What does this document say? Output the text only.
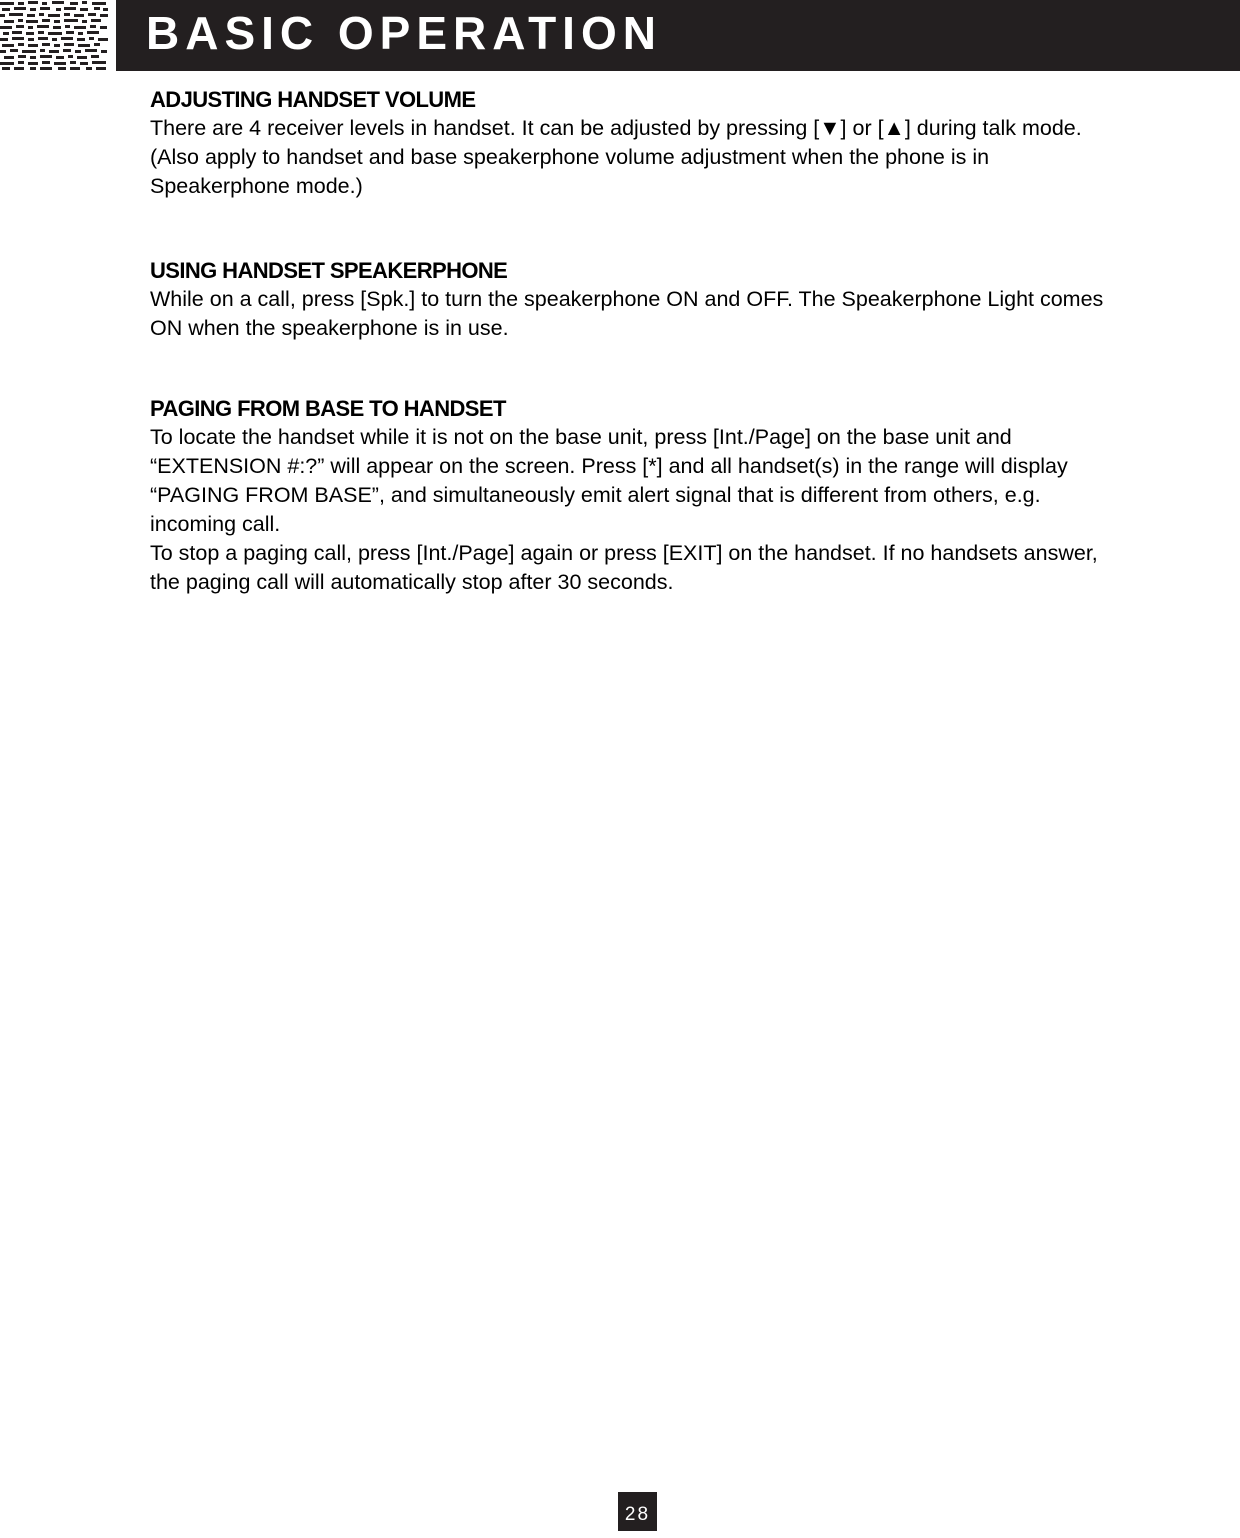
BASIC OPERATION
ADJUSTING HANDSET VOLUME

There are 4 receiver levels in handset. It can be adjusted by pressing [▼] or [▲] during talk mode. (Also apply to handset and base speakerphone volume adjustment when the phone is in Speakerphone mode.)

USING HANDSET SPEAKERPHONE

While on a call, press [Spk.] to turn the speakerphone ON and OFF. The Speakerphone Light comes ON when the speakerphone is in use.

PAGING FROM BASE TO HANDSET

To locate the handset while it is not on the base unit, press [Int./Page] on the base unit and “EXTENSION #:?” will appear on the screen. Press [*] and all handset(s) in the range will display “PAGING FROM BASE”, and simultaneously emit alert signal that is different from others, e.g. incoming call.

To stop a paging call, press [Int./Page] again or press [EXIT] on the handset. If no handsets answer, the paging call will automatically stop after 30 seconds.

28
